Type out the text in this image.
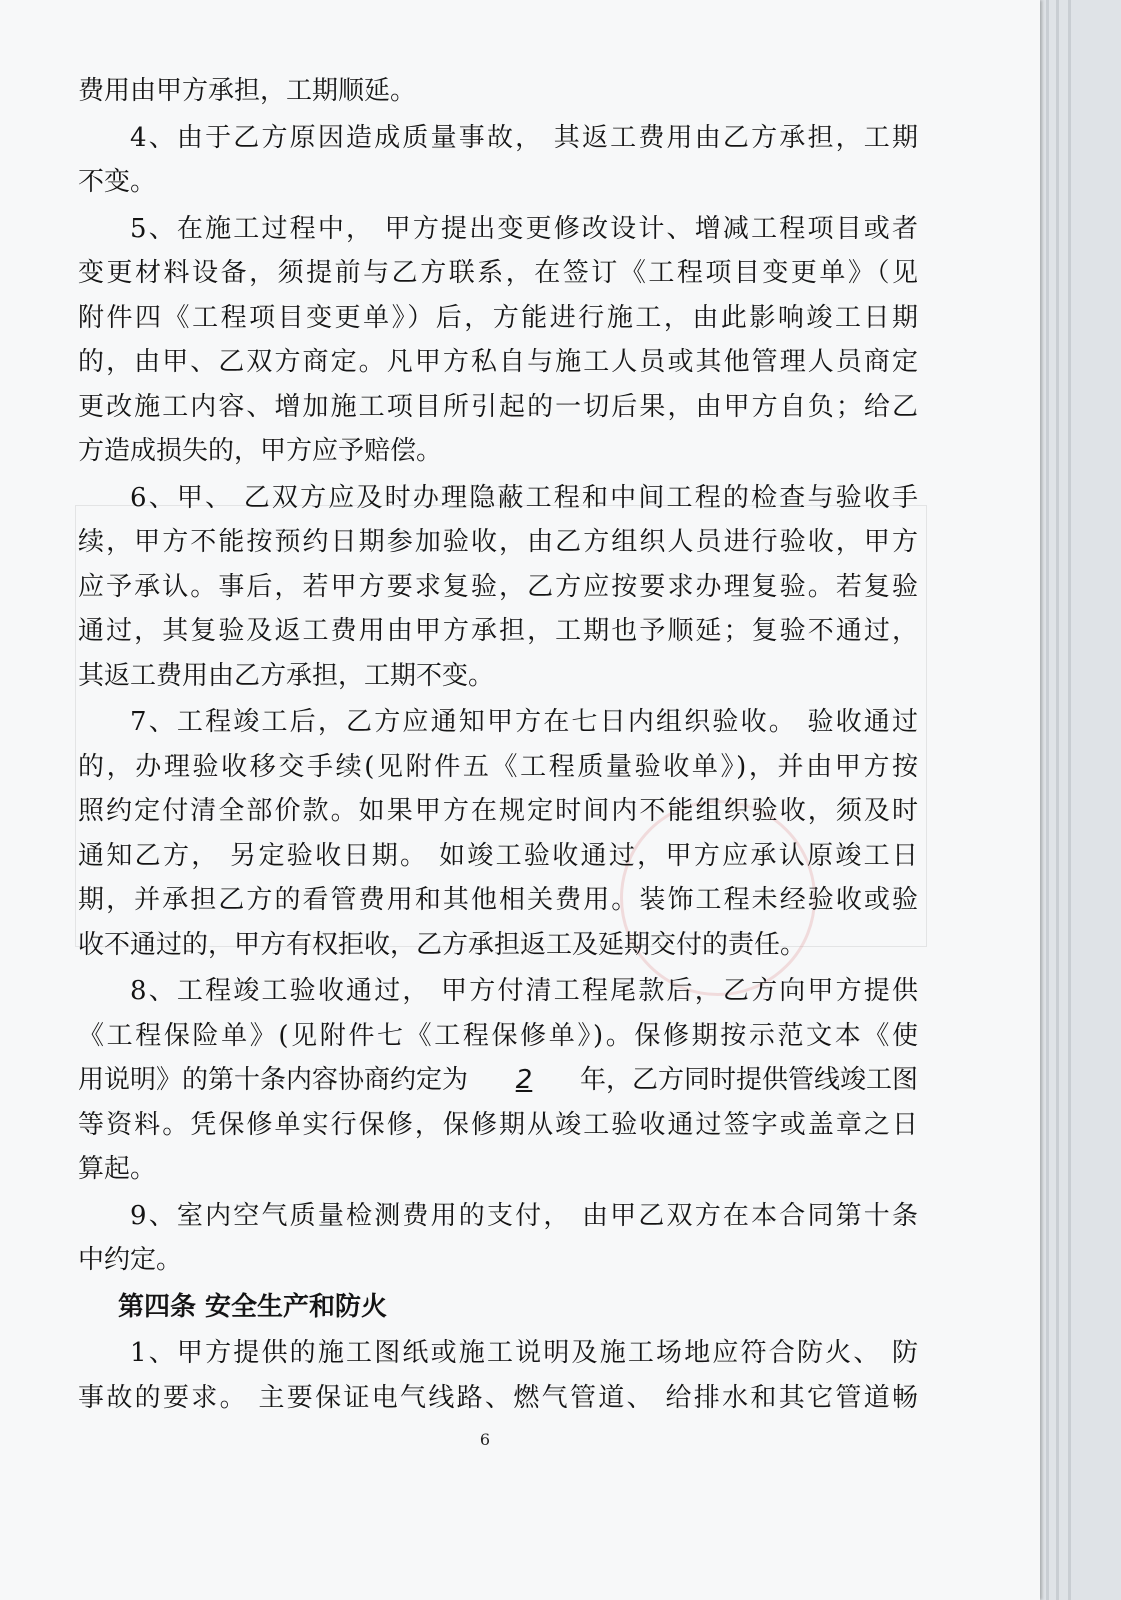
费用由甲方承担，工期顺延。
4、由于乙方原因造成质量事故， 其返工费用由乙方承担，工期
不变。
5、在施工过程中， 甲方提出变更修改设计、增减工程项目或者
变更材料设备，须提前与乙方联系，在签订《工程项目变更单》（见
附件四《工程项目变更单》）后，方能进行施工，由此影响竣工日期
的，由甲、乙双方商定。凡甲方私自与施工人员或其他管理人员商定
更改施工内容、增加施工项目所引起的一切后果，由甲方自负；给乙
方造成损失的，甲方应予赔偿。
6、甲、 乙双方应及时办理隐蔽工程和中间工程的检查与验收手
续，甲方不能按预约日期参加验收，由乙方组织人员进行验收，甲方
应予承认。事后，若甲方要求复验，乙方应按要求办理复验。若复验
通过，其复验及返工费用由甲方承担，工期也予顺延；复验不通过，
其返工费用由乙方承担，工期不变。
7、工程竣工后，乙方应通知甲方在七日内组织验收。 验收通过
的，办理验收移交手续(见附件五《工程质量验收单》)，并由甲方按
照约定付清全部价款。如果甲方在规定时间内不能组织验收，须及时
通知乙方， 另定验收日期。 如竣工验收通过，甲方应承认原竣工日
期，并承担乙方的看管费用和其他相关费用。装饰工程未经验收或验
收不通过的，甲方有权拒收，乙方承担返工及延期交付的责任。
8、工程竣工验收通过， 甲方付清工程尾款后，乙方向甲方提供
《工程保险单》(见附件七《工程保修单》)。保修期按示范文本《使
用说明》的第十条内容协商约定为 2 年，乙方同时提供管线竣工图
等资料。凭保修单实行保修，保修期从竣工验收通过签字或盖章之日
算起。
9、室内空气质量检测费用的支付， 由甲乙双方在本合同第十条
中约定。
第四条 安全生产和防火
1、甲方提供的施工图纸或施工说明及施工场地应符合防火、 防
事故的要求。 主要保证电气线路、燃气管道、 给排水和其它管道畅
6
